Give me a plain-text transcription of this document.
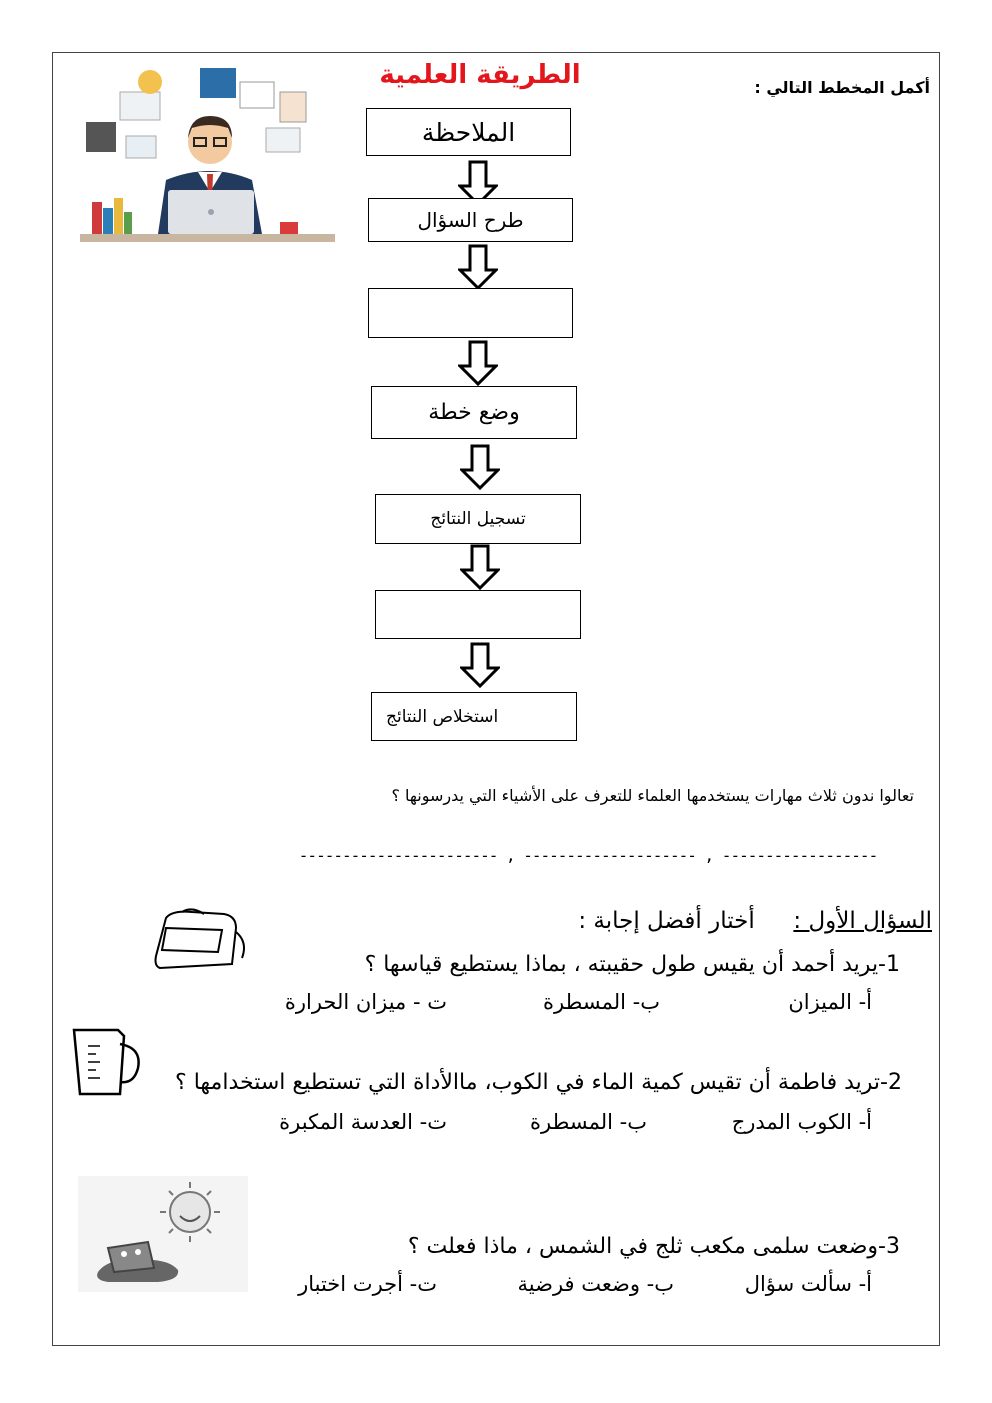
الطريقة العلمية	أكمل المخطط التالي :
الملاحظة
طرح السؤال
وضع خطة
تسجيل النتائج
استخلاص النتائج
تعالوا ندون ثلاث مهارات يستخدمها العلماء للتعرف على الأشياء التي يدرسونها ؟
----------------------- , -------------------- , ------------------
السؤال الأول :  أختار أفضل إجابة :
1-يريد أحمد أن يقيس طول حقيبته ، بماذا يستطيع قياسها ؟
أ- الميزان
ب- المسطرة
ت - ميزان الحرارة
2-تريد فاطمة أن تقيس كمية الماء في الكوب، ماالأداة التي تستطيع استخدامها ؟
أ- الكوب المدرج
ب- المسطرة
ت- العدسة المكبرة
3-وضعت سلمى مكعب ثلج في الشمس ، ماذا فعلت ؟
أ- سألت سؤال
ب- وضعت فرضية
ت- أجرت اختبار
